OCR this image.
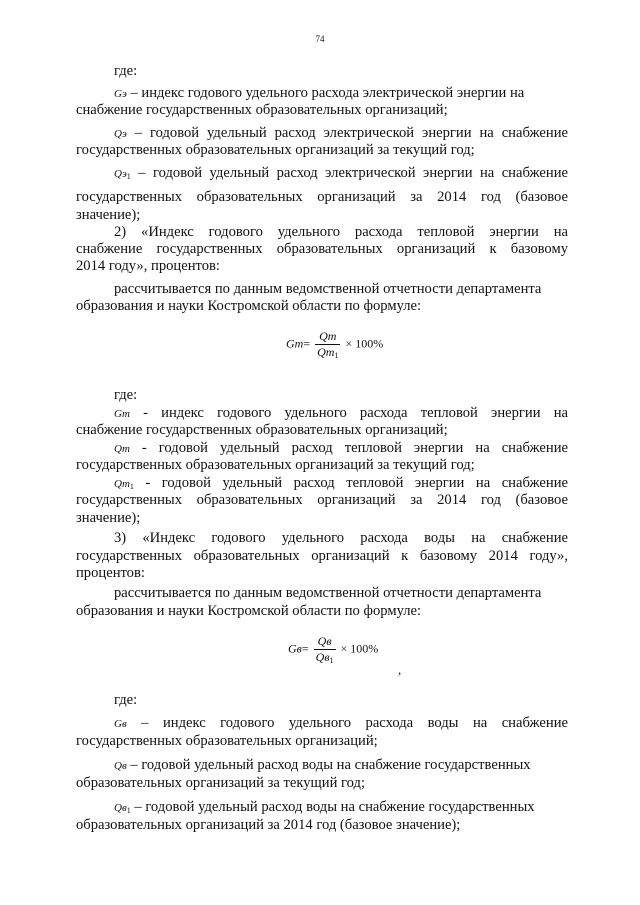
74
где:
Gэ – индекс годового удельного расхода электрической энергии на
снабжение государственных образовательных организаций;
Qэ – годовой удельный расход электрической энергии на снабжение
государственных образовательных организаций за текущий год;
$Qэ_1$ – годовой удельный расход электрической энергии на снабжение
государственных образовательных организаций за 2014 год (базовое
значение);
2) «Индекс годового удельного расхода тепловой энергии на
снабжение государственных образовательных организаций к базовому
2014 году», процентов:
рассчитывается по данным ведомственной отчетности департамента
образования и науки Костромской области по формуле:
$Gm= \frac{Qm}{Qm_1} \times 100\%$
где:
Gm - индекс годового удельного расхода тепловой энергии на
снабжение государственных образовательных организаций;
Qm - годовой удельный расход тепловой энергии на снабжение
государственных образовательных организаций за текущий год;
$Qm_1$ - годовой удельный расход тепловой энергии на снабжение
государственных образовательных организаций за 2014 год (базовое
значение);
3) «Индекс годового удельного расхода воды на снабжение
государственных образовательных организаций к базовому 2014 году»,
процентов:
рассчитывается по данным ведомственной отчетности департамента
образования и науки Костромской области по формуле:
$Gв= \frac{Qв}{Qв_1} \times 100\%$
,
где:
Gв – индекс годового удельного расхода воды на снабжение
государственных образовательных организаций;
Qв – годовой удельный расход воды на снабжение государственных
образовательных организаций за текущий год;
$Qв_1$ – годовой удельный расход воды на снабжение государственных
образовательных организаций за 2014 год (базовое значение);
